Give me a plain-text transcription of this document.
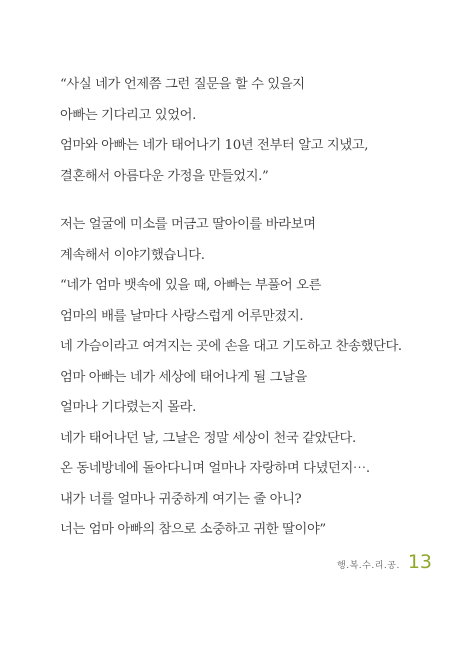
“사실 네가 언제쯤 그런 질문을 할 수 있을지
아빠는 기다리고 있었어.
엄마와 아빠는 네가 태어나기 10년 전부터 알고 지냈고,
결혼해서 아름다운 가정을 만들었지.”
저는 얼굴에 미소를 머금고 딸아이를 바라보며
계속해서 이야기했습니다.
“네가 엄마 뱃속에 있을 때, 아빠는 부풀어 오른
엄마의 배를 날마다 사랑스럽게 어루만졌지.
네 가슴이라고 여겨지는 곳에 손을 대고 기도하고 찬송했단다.
엄마 아빠는 네가 세상에 태어나게 될 그날을
얼마나 기다렸는지 몰라.
네가 태어나던 날, 그날은 정말 세상이 천국 같았단다.
온 동네방네에 돌아다니며 얼마나 자랑하며 다녔던지⋯.
내가 너를 얼마나 귀중하게 여기는 줄 아니?
너는 엄마 아빠의 참으로 소중하고 귀한 딸이야”
행.복.수.리.공. 13
